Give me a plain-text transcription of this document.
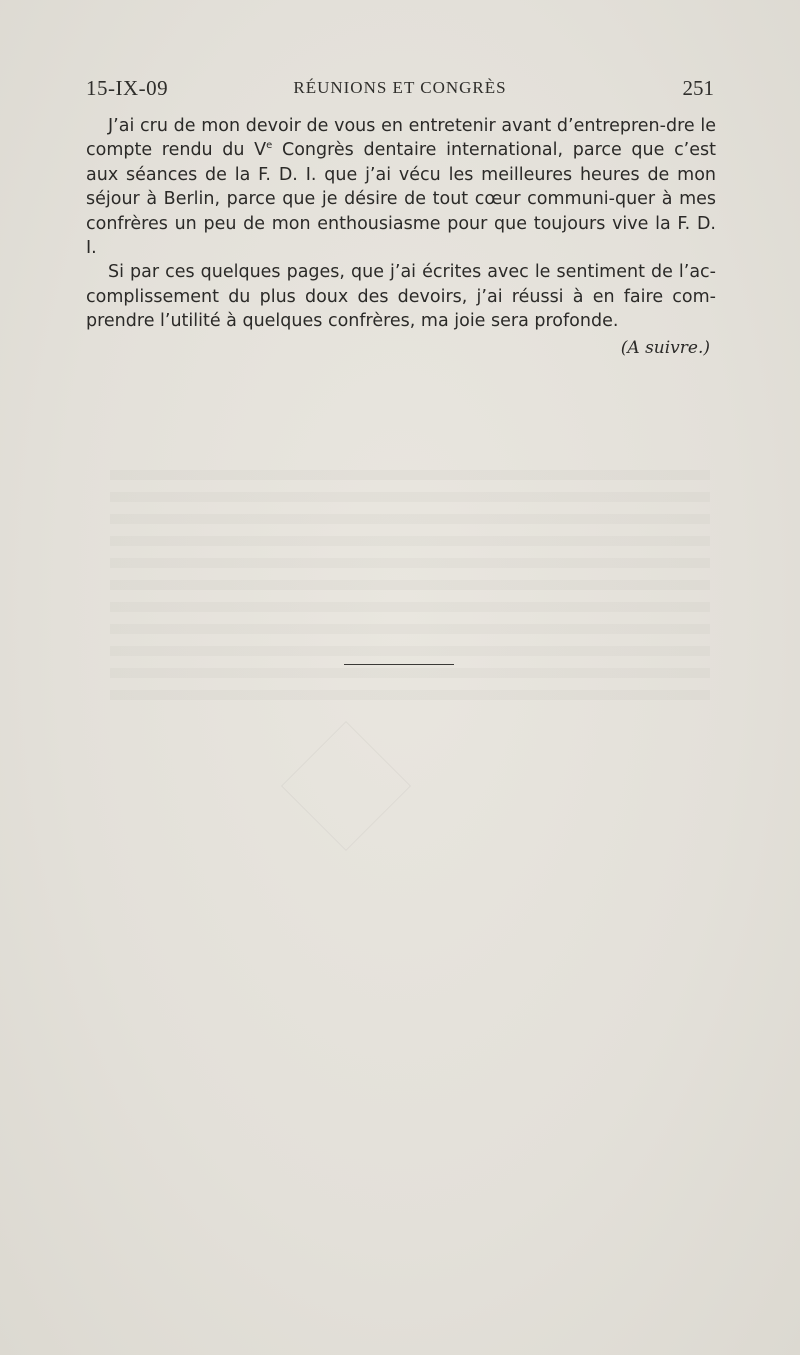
15-IX-09	RÉUNIONS ET CONGRÈS	251

J’ai cru de mon devoir de vous en entretenir avant d’entrepren-dre le compte rendu du Ve Congrès dentaire international, parce que c’est aux séances de la F. D. I. que j’ai vécu les meilleures heures de mon séjour à Berlin, parce que je désire de tout cœur communi-quer à mes confrères un peu de mon enthousiasme pour que toujours vive la F. D. I.

Si par ces quelques pages, que j’ai écrites avec le sentiment de l’ac-complissement du plus doux des devoirs, j’ai réussi à en faire com-prendre l’utilité à quelques confrères, ma joie sera profonde.

(A suivre.)
